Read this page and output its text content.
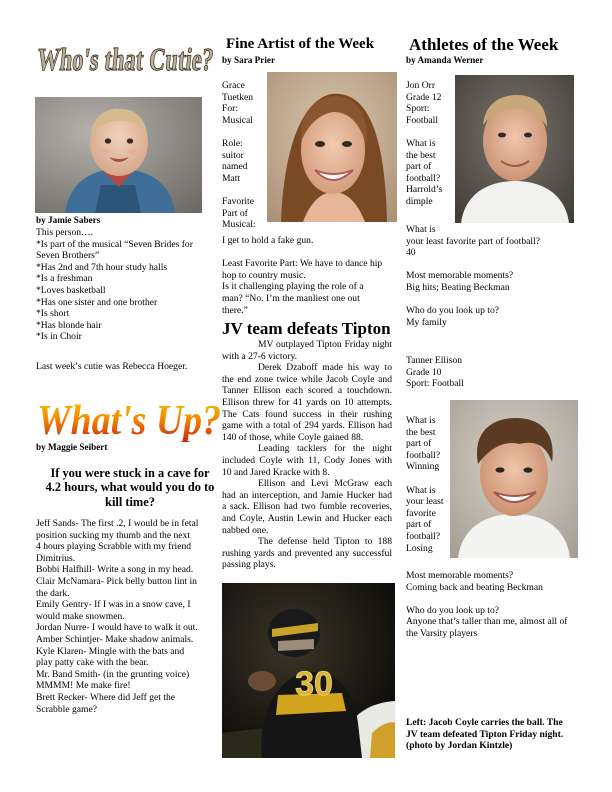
Who's that Cutie?

by Jamie Sabers

This person….
*Is part of the musical “Seven Brides for
Seven Brothers”
*Has 2nd and 7th hour study halls
*Is a freshman
*Loves basketball
*Has one sister and one brother
*Is short
*Has blonde hair
*Is in Choir

Last week’s cutie was Rebecca Hoeger.

What's Up?

by Maggie Seibert

If you were stuck in a cave for
4.2 hours, what would you do to
kill time?
Jeff Sands- The first .2, I would be in fetal
position sucking my thumb and the next
4 hours playing Scrabble with my friend
Dimitrius.
Bobbi Halfhill- Write a song in my head.
Clair McNamara- Pick belly button lint in
the dark.
Emily Gentry- If I was in a snow cave, I
would make snowmen.
Jordan Nurre- I would have to walk it out.
Amber Schintjer- Make shadow animals.
Kyle Klaren- Mingle with the bats and
play patty cake with the bear.
Mr. Band Smith- (in the grunting voice)
MMMM! Me make fire!
Brett Recker- Where did Jeff get the
Scrabble game?

Fine Artist of the Week

by Sara Prier

Grace
Tuetken
For:
Musical

Role:
suitor
named
Matt

Favorite
Part of
Musical:
I get to hold a fake gun.

Least Favorite Part: We have to dance hip
hop to country music.
Is it challenging playing the role of a
man? “No. I’m the manliest one out
there.”

JV team defeats Tipton

MV outplayed Tipton Friday night with a 27-6 victory.

Derek Dzaboff made his way to the end zone twice while Jacob Coyle and Tanner Ellison each scored a touchdown. Ellison threw for 41 yards on 10 attempts. The Cats found success in their rushing game with a total of 294 yards. Ellison had 140 of those, while Coyle gained 88.

Leading tacklers for the night included Coyle with 11, Cody Jones with 10 and Jared Kracke with 8.

Ellison and Levi McGraw each had an interception, and Jamie Hucker had a sack. Ellison had two fumble recoveries, and Coyle, Austin Lewin and Hucker each nabbed one.

The defense held Tipton to 188 rushing yards and prevented any successful passing plays.

30

Athletes of the Week

by Amanda Werner

Jon Orr
Grade 12
Sport:
Football

What is
the best
part of
football?
Harrold’s
dimple
What is
your least favorite part of football?
40

Most memorable moments?
Big hits; Beating Beckman

Who do you look up to?
My family
Tanner Ellison
Grade 10
Sport: Football
What is
the best
part of
football?
Winning

What is
your least
favorite
part of
football?
Losing
Most memorable moments?
Coming back and beating Beckman

Who do you look up to?
Anyone that’s taller than me, almost all of
the Varsity players
Left: Jacob Coyle carries the ball. The
JV team defeated Tipton Friday night.
(photo by Jordan Kintzle)
